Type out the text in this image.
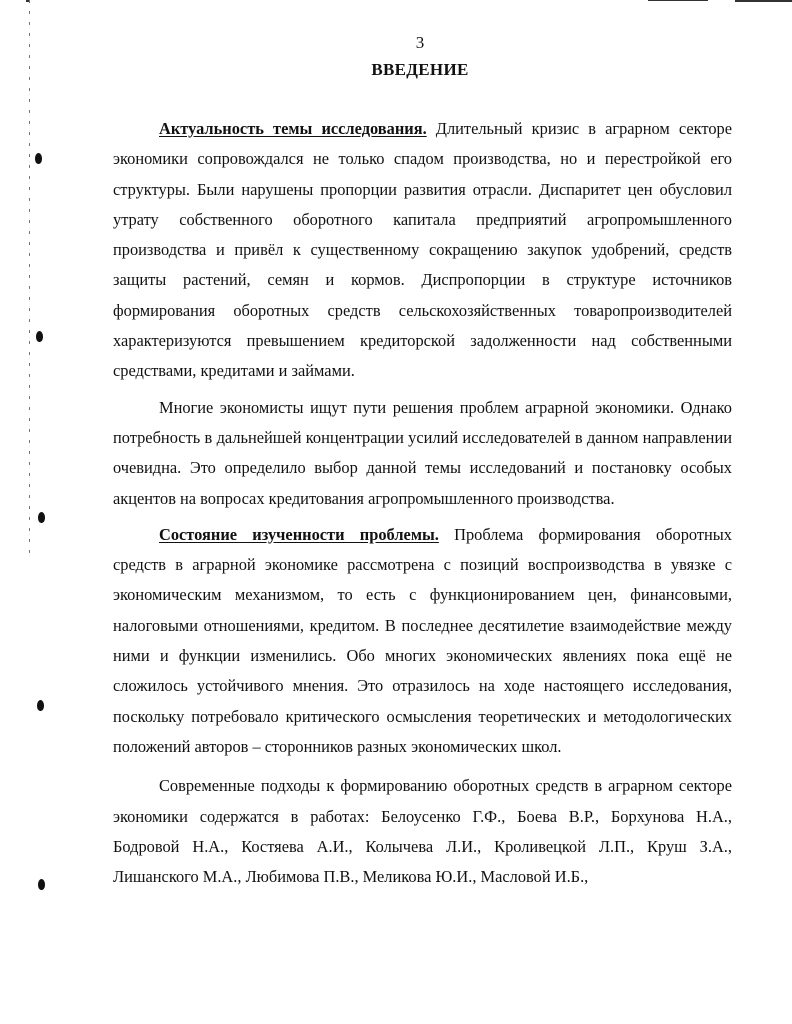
3
ВВЕДЕНИЕ

Актуальность темы исследования. Длительный кризис в аграрном секторе экономики сопровождался не только спадом производства, но и перестройкой его структуры. Были нарушены пропорции развития отрасли. Диспаритет цен обусловил утрату собственного оборотного капитала предприятий агропромышленного производства и привёл к существенному сокращению закупок удобрений, средств защиты растений, семян и кормов. Диспропорции в структуре источников формирования оборотных средств сельскохозяйственных товаропроизводителей характеризуются превышением кредиторской задолженности над собственными средствами, кредитами и займами.

Многие экономисты ищут пути решения проблем аграрной экономики. Однако потребность в дальнейшей концентрации усилий исследователей в данном направлении очевидна. Это определило выбор данной темы исследований и постановку особых акцентов на вопросах кредитования агропромышленного производства.

Состояние изученности проблемы. Проблема формирования оборотных средств в аграрной экономике рассмотрена с позиций воспроизводства в увязке с экономическим механизмом, то есть с функционированием цен, финансовыми, налоговыми отношениями, кредитом. В последнее десятилетие взаимодействие между ними и функции изменились. Обо многих экономических явлениях пока ещё не сложилось устойчивого мнения. Это отразилось на ходе настоящего исследования, поскольку потребовало критического осмысления теоретических и методологических положений авторов – сторонников разных экономических школ.

Современные подходы к формированию оборотных средств в аграрном секторе экономики содержатся в работах: Белоусенко Г.Ф., Боева В.Р., Борхунова Н.А., Бодровой Н.А., Костяева А.И., Колычева Л.И., Кроливецкой Л.П., Круш З.А., Лишанского М.А., Любимова П.В., Меликова Ю.И., Масловой И.Б.,
